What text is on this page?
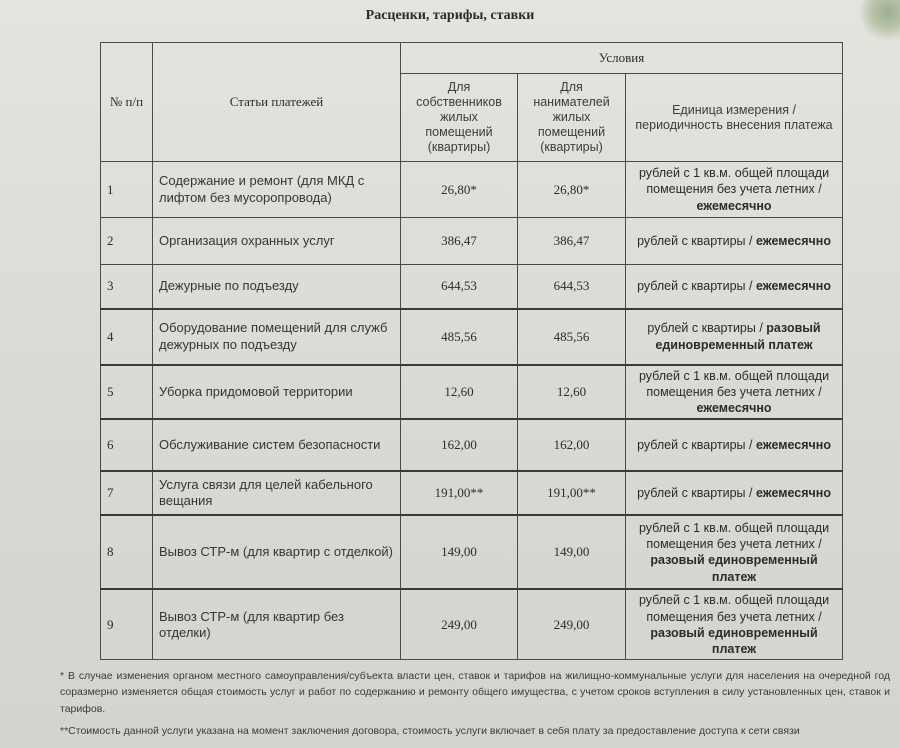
Расценки, тарифы, ставки
№ п/п	Статьи платежей	Условия		
		Для собственников жилых помещений (квартиры)	Для нанимателей жилых помещений (квартиры)	Единица измерения / периодичность внесения платежа
1	Содержание и ремонт (для МКД с лифтом без мусоропровода)	26,80*	26,80*	рублей с 1 кв.м. общей площади помещения без учета летних / ежемесячно
2	Организация охранных услуг	386,47	386,47	рублей с квартиры / ежемесячно
3	Дежурные по подъезду	644,53	644,53	рублей с квартиры / ежемесячно
4	Оборудование помещений для служб дежурных по подъезду	485,56	485,56	рублей с квартиры / разовый единовременный платеж
5	Уборка придомовой территории	12,60	12,60	рублей с 1 кв.м. общей площади помещения без учета летних / ежемесячно
6	Обслуживание систем безопасности	162,00	162,00	рублей с квартиры / ежемесячно
7	Услуга связи для целей кабельного вещания	191,00**	191,00**	рублей с квартиры / ежемесячно
8	Вывоз СТР-м (для квартир с отделкой)	149,00	149,00	рублей с 1 кв.м. общей площади помещения без учета летних / разовый единовременный платеж
9	Вывоз СТР-м (для квартир без отделки)	249,00	249,00	рублей с 1 кв.м. общей площади помещения без учета летних / разовый единовременный платеж

* В случае изменения органом местного самоуправления/субъекта власти цен, ставок и тарифов на жилищно-коммунальные услуги для населения на очередной год соразмерно изменяется общая стоимость услуг и работ по содержанию и ремонту общего имущества, с учетом сроков вступления в силу установленных цен, ставок и тарифов.

**Стоимость данной услуги указана на момент заключения договора, стоимость услуги включает в себя плату за предоставление доступа к сети связи
